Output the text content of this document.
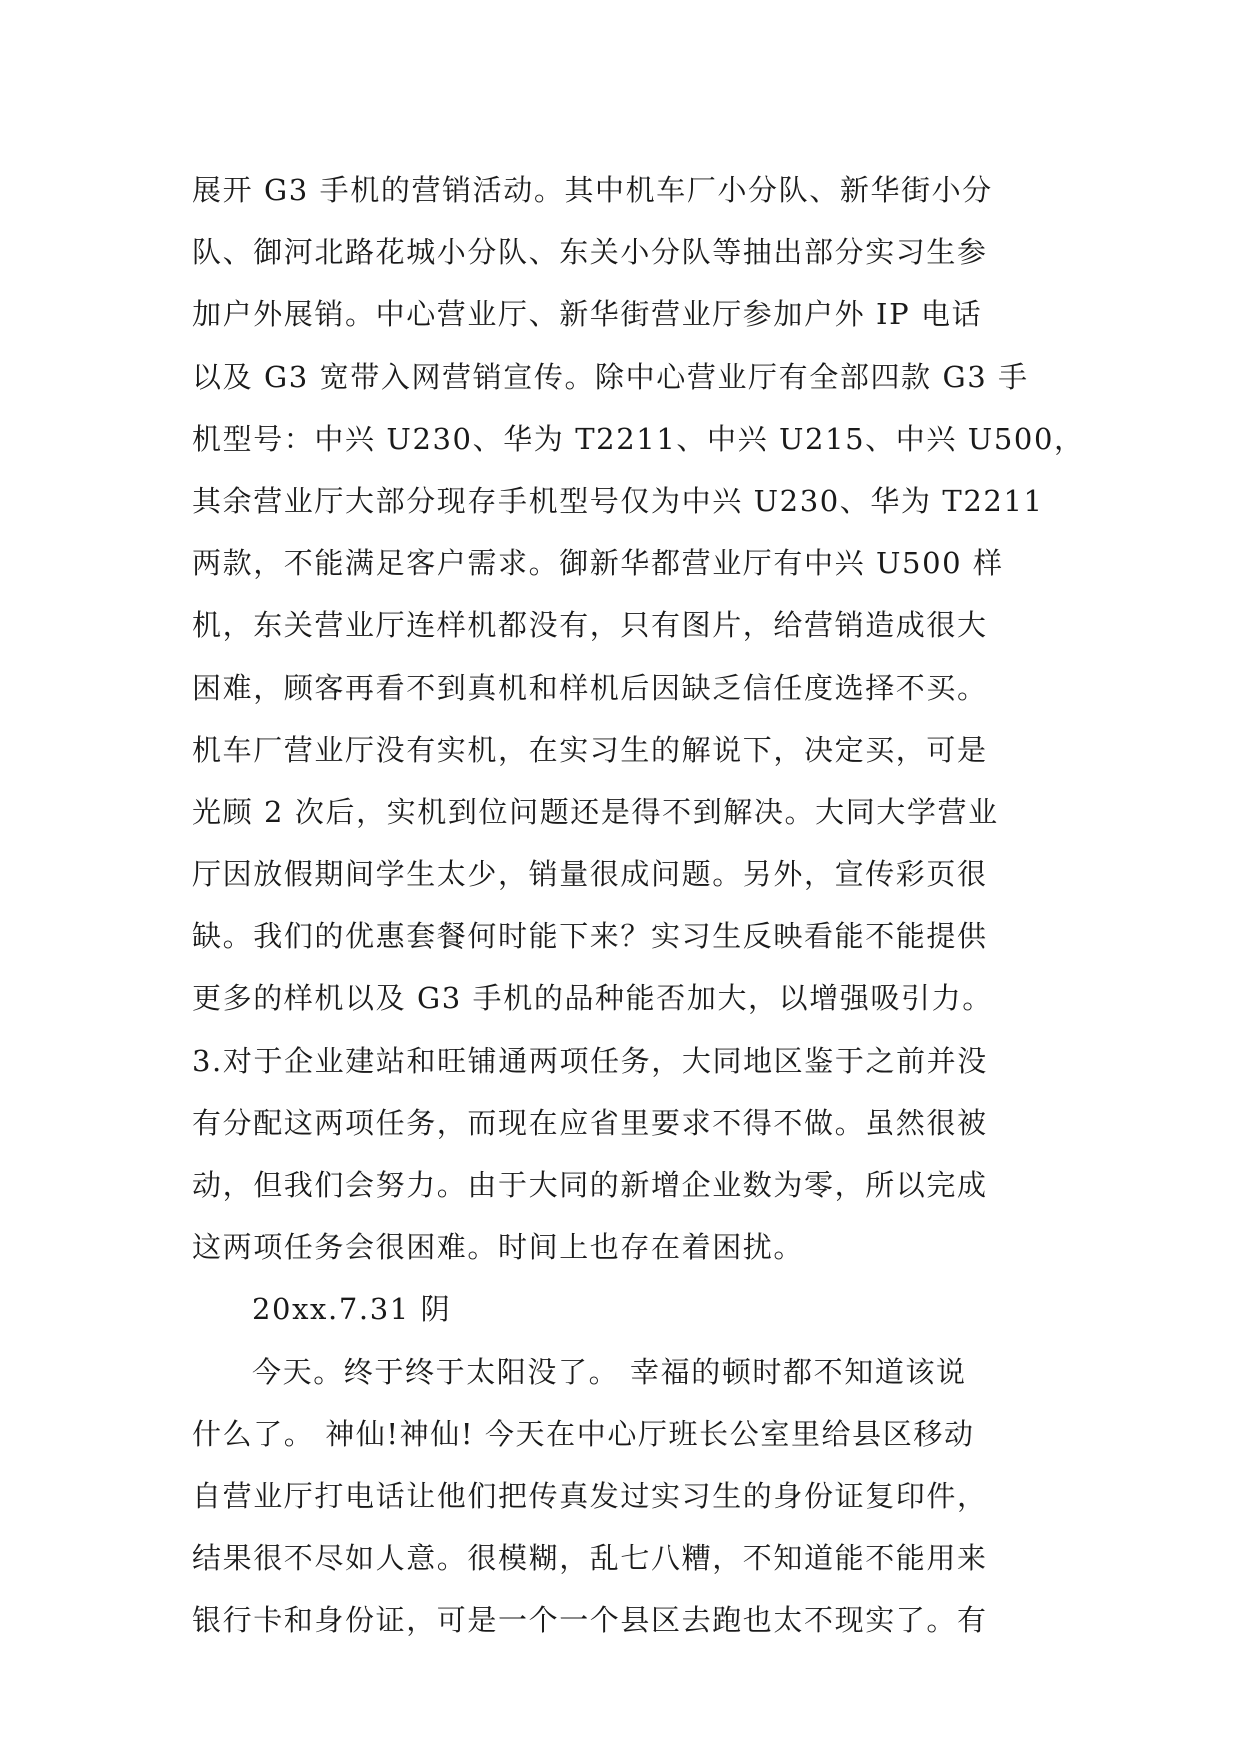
展开 G3 手机的营销活动。其中机车厂小分队、新华街小分
队、御河北路花城小分队、东关小分队等抽出部分实习生参
加户外展销。中心营业厅、新华街营业厅参加户外 IP 电话
以及 G3 宽带入网营销宣传。除中心营业厅有全部四款 G3 手
机型号：中兴 U230、华为 T2211、中兴 U215、中兴 U500，
其余营业厅大部分现存手机型号仅为中兴 U230、华为 T2211
两款，不能满足客户需求。御新华都营业厅有中兴 U500 样
机，东关营业厅连样机都没有，只有图片，给营销造成很大
困难，顾客再看不到真机和样机后因缺乏信任度选择不买。
机车厂营业厅没有实机，在实习生的解说下，决定买，可是
光顾 2 次后，实机到位问题还是得不到解决。大同大学营业
厅因放假期间学生太少，销量很成问题。另外，宣传彩页很
缺。我们的优惠套餐何时能下来？实习生反映看能不能提供
更多的样机以及 G3 手机的品种能否加大，以增强吸引力。
3.对于企业建站和旺铺通两项任务，大同地区鉴于之前并没
有分配这两项任务，而现在应省里要求不得不做。虽然很被
动，但我们会努力。由于大同的新增企业数为零，所以完成
这两项任务会很困难。时间上也存在着困扰。
20xx.7.31 阴
今天。终于终于太阳没了。 幸福的顿时都不知道该说
什么了。 神仙!神仙! 今天在中心厅班长公室里给县区移动
自营业厅打电话让他们把传真发过实习生的身份证复印件，
结果很不尽如人意。很模糊，乱七八糟，不知道能不能用来
银行卡和身份证，可是一个一个县区去跑也太不现实了。有
